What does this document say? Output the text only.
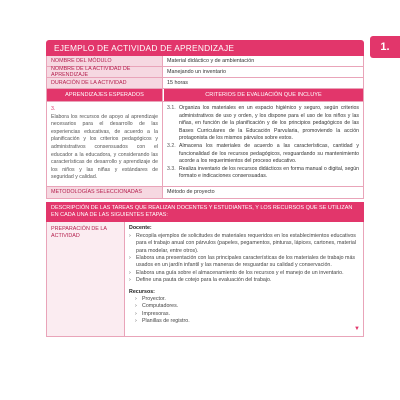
1.
EJEMPLO DE ACTIVIDAD DE APRENDIZAJE
NOMBRE DEL MÓDULO	Material didáctico y de ambientación
NOMBRE DE LA ACTIVIDAD DE APRENDIZAJE	Manejando un inventario
DURACIÓN DE LA ACTIVIDAD	15 horas
APRENDIZAJES ESPERADOS	CRITERIOS DE EVALUACIÓN QUE INCLUYE
3.
Elabora los recursos de apoyo al aprendizaje necesarios para el desarrollo de las experiencias educativas, de acuerdo a la planificación y los criterios pedagógicos y administrativos consensuados con el educador a la educadora, y considerando las características de desarrollo y aprendizaje de los niños y las niñas y estándares de seguridad y calidad.
3.1. Organiza los materiales en un espacio higiénico y seguro, según criterios administrativos de uso y orden, y los dispone para el uso de los niños y las niñas, en función de la planificación y de los principios pedagógicos de las Bases Curriculares de la Educación Parvularia, promoviendo la acción protagonista de los mismos párvulos sobre estos.
3.2. Almacena los materiales de acuerdo a las características, cantidad y funcionalidad de los recursos pedagógicos, resguardando su mantenimiento acorde a los requerimientos del proceso educativo.
3.3. Realiza inventario de los recursos didácticos en forma manual o digital, según formato e indicaciones consensuadas.
METODOLOGÍAS SELECCIONADAS	Método de proyecto
DESCRIPCIÓN DE LAS TAREAS QUE REALIZAN DOCENTES Y ESTUDIANTES, Y LOS RECURSOS QUE SE UTILIZAN EN CADA UNA DE LAS SIGUIENTES ETAPAS:
PREPARACIÓN DE LA ACTIVIDAD
Docente:
› Recopila ejemplos de solicitudes de materiales requeridos en los establecimientos educativos para el trabajo anual con párvulos (papeles, pegamentos, pinturas, lápices, cartones, material para modelar, entre otros).
› Elabora una presentación con las principales características de los materiales de trabajo más usados en un jardín infantil y las maneras de resguardar su calidad y conservación.
› Elabora una guía sobre el almacenamiento de los recursos y el manejo de un inventario.
› Define una pauta de cotejo para la evaluación del trabajo.
Recursos:
› Proyector.
› Computadores.
› Impresoras.
› Planillas de registro.
▼
